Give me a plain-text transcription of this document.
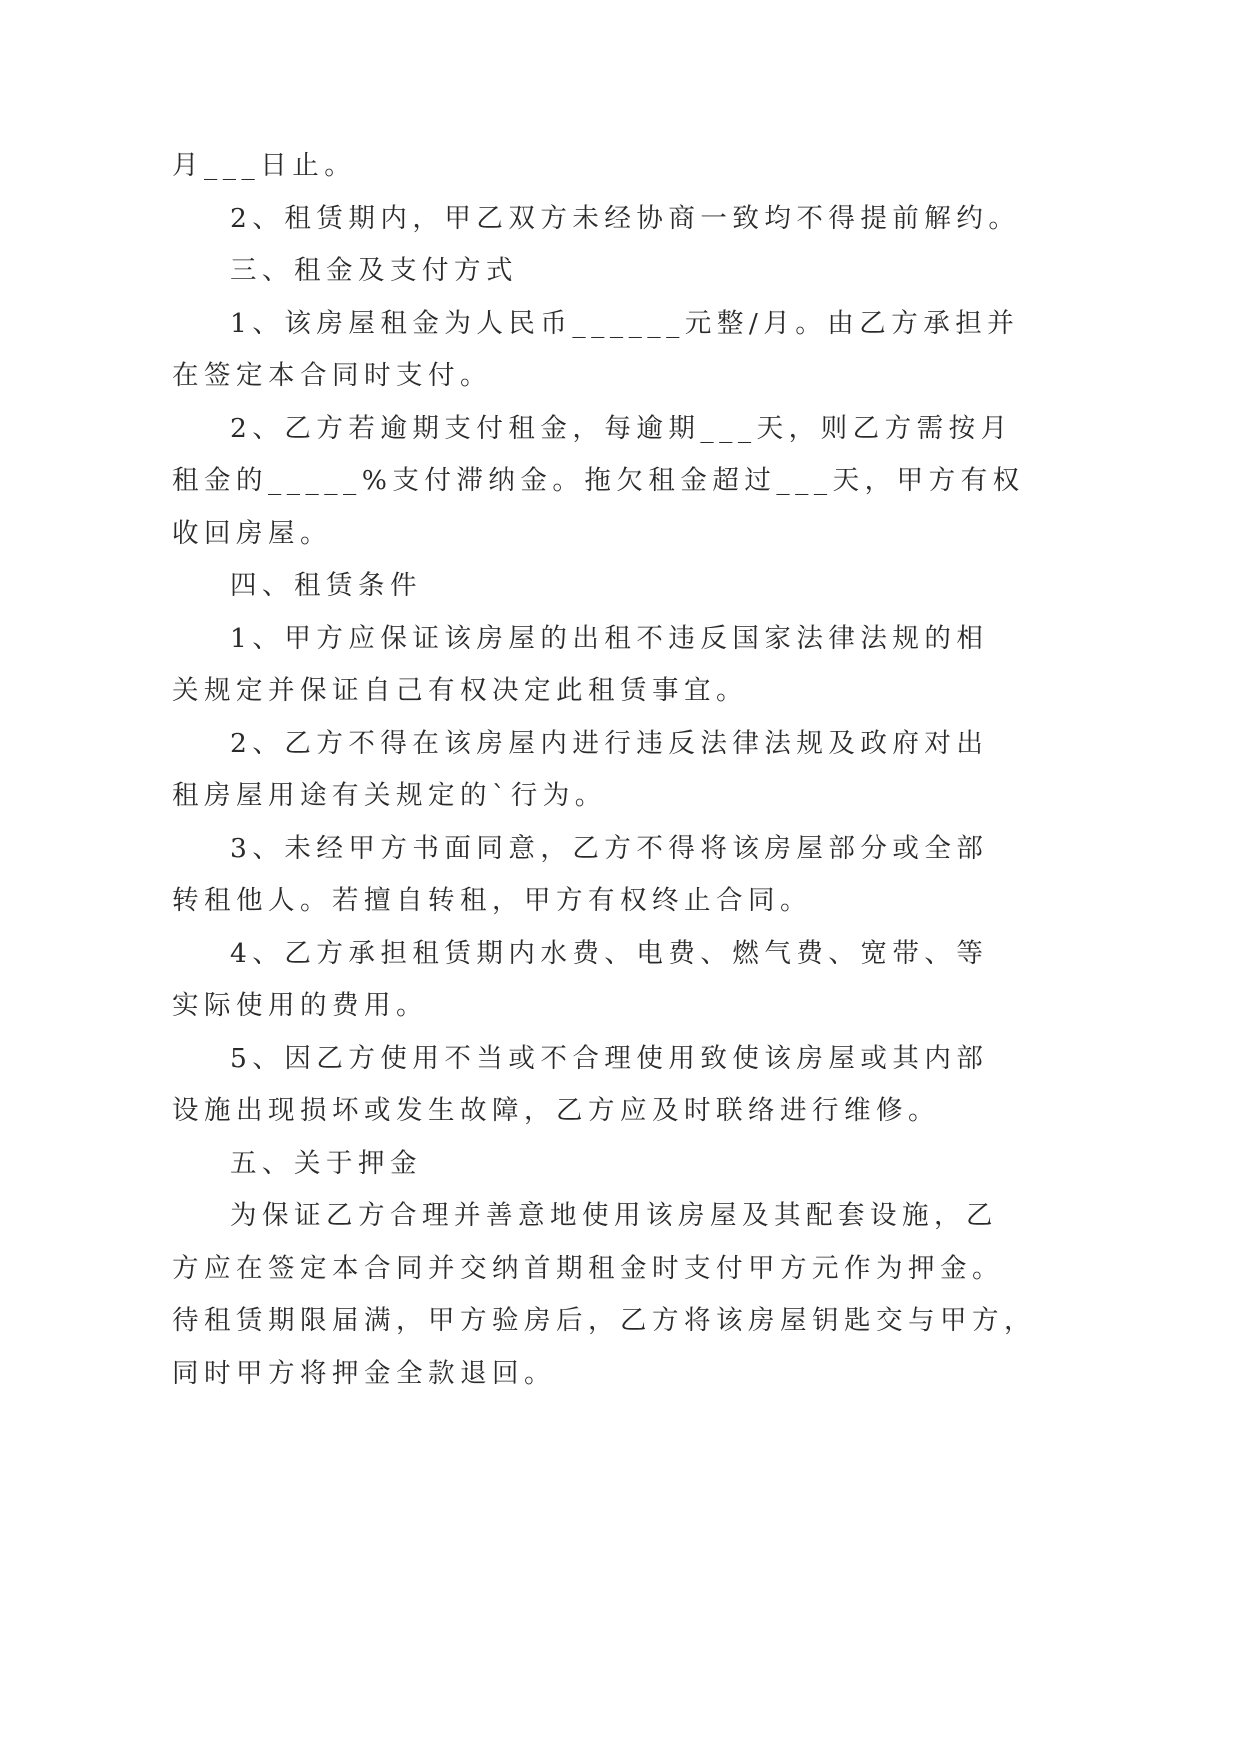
月___日止。
2、租赁期内，甲乙双方未经协商一致均不得提前解约。
三、租金及支付方式
1、该房屋租金为人民币______元整/月。由乙方承担并
在签定本合同时支付。
2、乙方若逾期支付租金，每逾期___天，则乙方需按月
租金的_____%支付滞纳金。拖欠租金超过___天，甲方有权
收回房屋。
四、租赁条件
1、甲方应保证该房屋的出租不违反国家法律法规的相
关规定并保证自己有权决定此租赁事宜。
2、乙方不得在该房屋内进行违反法律法规及政府对出
租房屋用途有关规定的`行为。
3、未经甲方书面同意，乙方不得将该房屋部分或全部
转租他人。若擅自转租，甲方有权终止合同。
4、乙方承担租赁期内水费、电费、燃气费、宽带、等
实际使用的费用。
5、因乙方使用不当或不合理使用致使该房屋或其内部
设施出现损坏或发生故障，乙方应及时联络进行维修。
五、关于押金
为保证乙方合理并善意地使用该房屋及其配套设施，乙
方应在签定本合同并交纳首期租金时支付甲方元作为押金。
待租赁期限届满，甲方验房后，乙方将该房屋钥匙交与甲方，
同时甲方将押金全款退回。
